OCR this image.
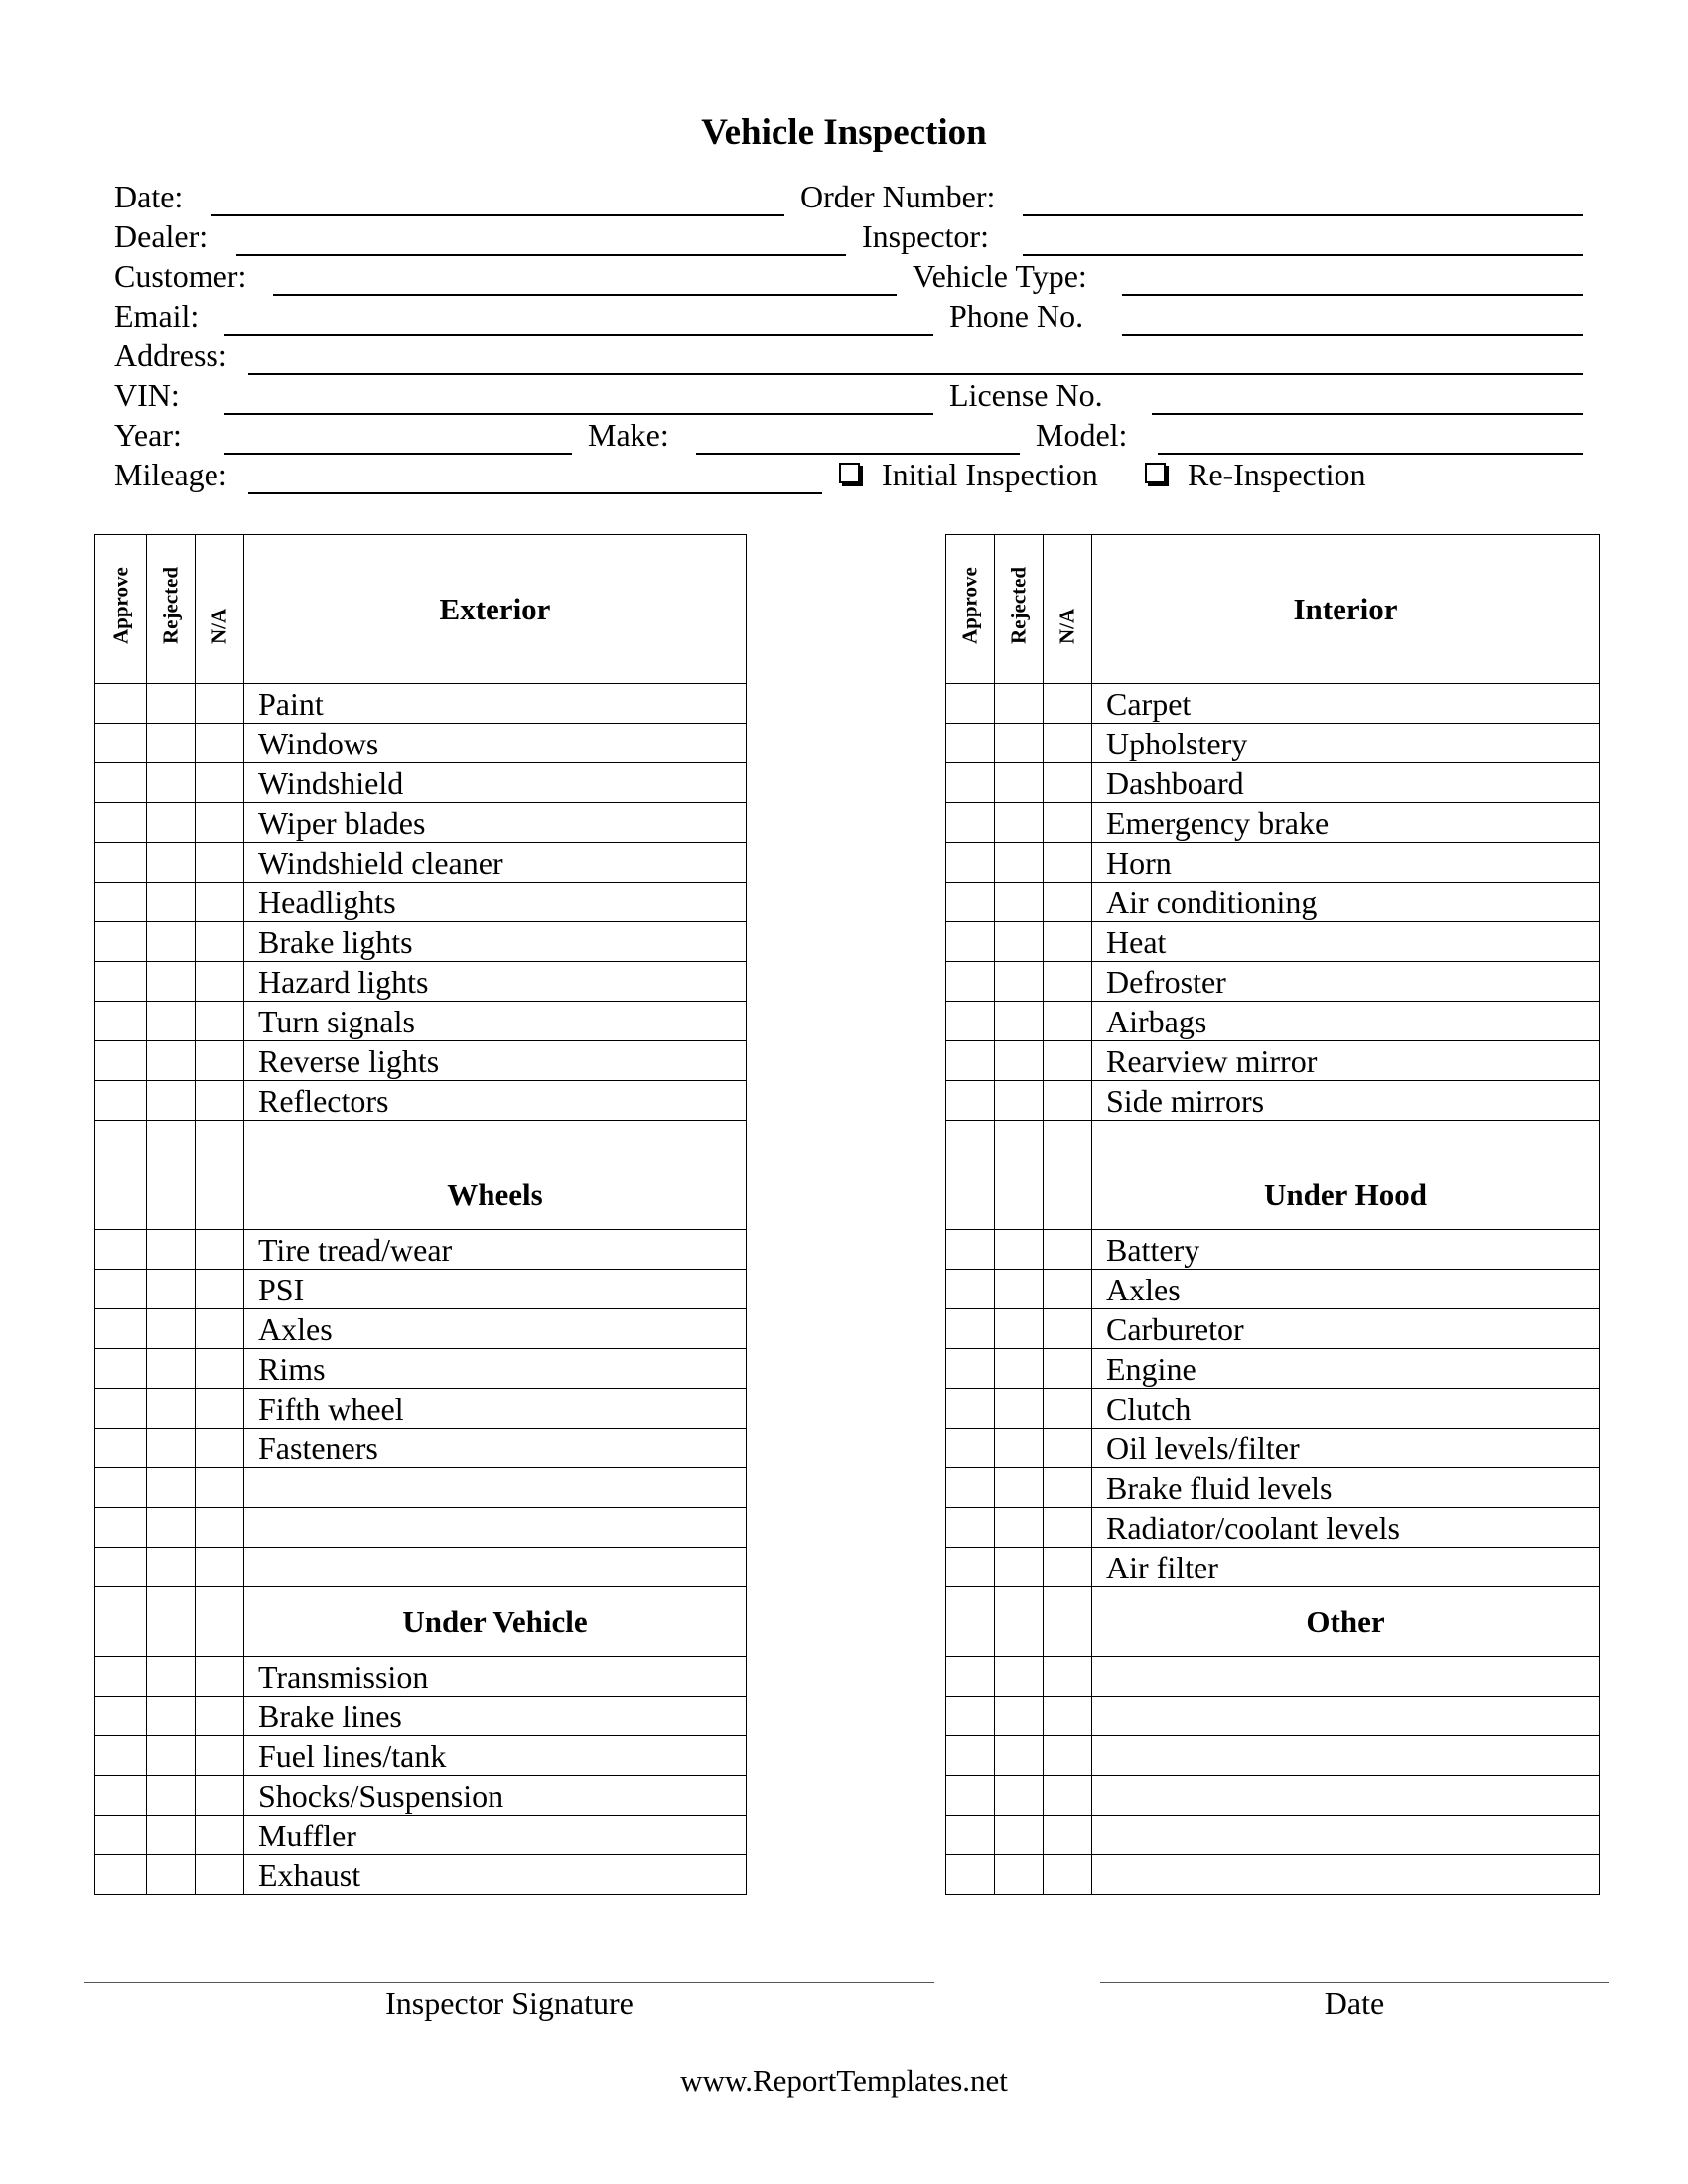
Vehicle Inspection
Date:	Order Number:
Dealer:	Inspector:
Customer:	Vehicle Type:
Email:	Phone No.
Address:
VIN:	License No.
Year:	Make:	Model:
Mileage:	Initial Inspection	Re-Inspection
Approve	Rejected	N/A	Exterior
			Paint
			Windows
			Windshield
			Wiper blades
			Windshield cleaner
			Headlights
			Brake lights
			Hazard lights
			Turn signals
			Reverse lights
			Reflectors

			Wheels
			Tire tread/wear
			PSI
			Axles
			Rims
			Fifth wheel
			Fasteners

			Under Vehicle
			Transmission
			Brake lines
			Fuel lines/tank
			Shocks/Suspension
			Muffler
			Exhaust
Approve	Rejected	N/A	Interior
			Carpet
			Upholstery
			Dashboard
			Emergency brake
			Horn
			Air conditioning
			Heat
			Defroster
			Airbags
			Rearview mirror
			Side mirrors

			Under Hood
			Battery
			Axles
			Carburetor
			Engine
			Clutch
			Oil levels/filter
			Brake fluid levels
			Radiator/coolant levels
			Air filter
			Other

Inspector Signature	Date
www.ReportTemplates.net
